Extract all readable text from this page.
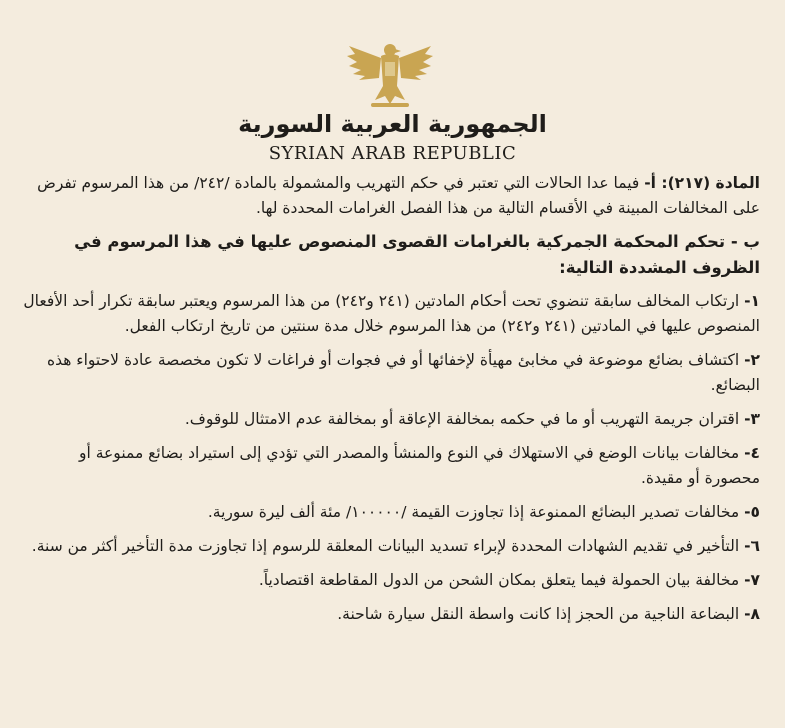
الجمهورية العربية السورية
SYRIAN ARAB REPUBLIC

المادة (٢١٧): أ- فيما عدا الحالات التي تعتبر في حكم التهريب والمشمولة بالمادة /٢٤٢/ من هذا المرسوم تفرض على المخالفات المبينة في الأقسام التالية من هذا الفصل الغرامات المحددة لها.

ب - تحكم المحكمة الجمركية بالغرامات القصوى المنصوص عليها في هذا المرسوم في الظروف المشددة التالية:

١- ارتكاب المخالف سابقة تنضوي تحت أحكام المادتين (٢٤١ و٢٤٢) من هذا المرسوم ويعتبر سابقة تكرار أحد الأفعال المنصوص عليها في المادتين (٢٤١ و٢٤٢) من هذا المرسوم خلال مدة سنتين من تاريخ ارتكاب الفعل.

٢- اكتشاف بضائع موضوعة في مخابئ مهيأة لإخفائها أو في فجوات أو فراغات لا تكون مخصصة عادة لاحتواء هذه البضائع.

٣- اقتران جريمة التهريب أو ما في حكمه بمخالفة الإعاقة أو بمخالفة عدم الامتثال للوقوف.

٤- مخالفات بيانات الوضع في الاستهلاك في النوع والمنشأ والمصدر التي تؤدي إلى استيراد بضائع ممنوعة أو محصورة أو مقيدة.

٥- مخالفات تصدير البضائع الممنوعة إذا تجاوزت القيمة /١٠٠٠٠٠/ مئة ألف ليرة سورية.

٦- التأخير في تقديم الشهادات المحددة لإبراء تسديد البيانات المعلقة للرسوم إذا تجاوزت مدة التأخير أكثر من سنة.

٧- مخالفة بيان الحمولة فيما يتعلق بمكان الشحن من الدول المقاطعة اقتصادياً.

٨- البضاعة الناجية من الحجز إذا كانت واسطة النقل سيارة شاحنة.
